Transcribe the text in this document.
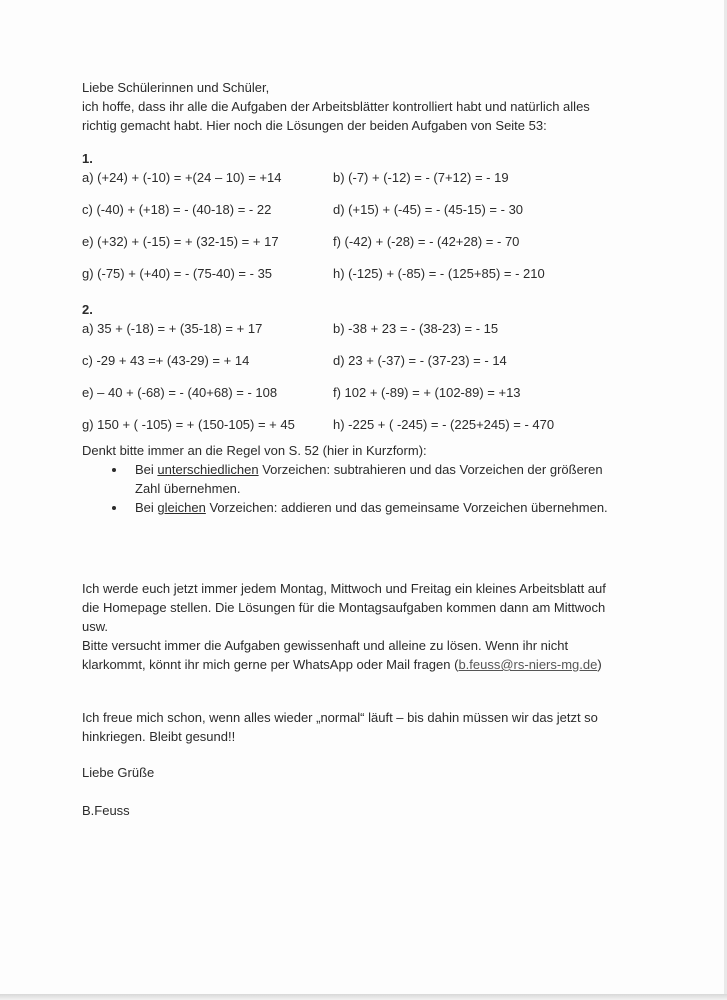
Liebe Schülerinnen und Schüler,

ich hoffe, dass ihr alle die Aufgaben der Arbeitsblätter kontrolliert habt und natürlich alles

richtig gemacht habt. Hier noch die Lösungen der beiden Aufgaben von Seite 53:

1.
a) (+24) + (-10) = +(24 – 10) = +14	b) (-7) + (-12) = - (7+12) = - 19
c) (-40) + (+18) = - (40-18) = - 22	d) (+15) + (-45) = - (45-15) = - 30
e) (+32) + (-15) = + (32-15) = + 17	f) (-42) + (-28) = - (42+28) = - 70
g) (-75) + (+40) = - (75-40) = - 35	h) (-125) + (-85) = - (125+85) = - 210
2.
a) 35 + (-18) = + (35-18) = + 17	b) -38 + 23 = - (38-23) = - 15
c) -29 + 43 =+ (43-29) = + 14	d) 23 + (-37) = - (37-23) = - 14
e) – 40 + (-68) = - (40+68) = - 108	f) 102 + (-89) = + (102-89) = +13
g) 150 + ( -105) = + (150-105) = + 45	h) -225 + ( -245) = - (225+245) = - 470
Denkt bitte immer an die Regel von S. 52 (hier in Kurzform):
• Bei unterschiedlichen Vorzeichen: subtrahieren und das Vorzeichen der größeren
Zahl übernehmen.
• Bei gleichen Vorzeichen: addieren und das gemeinsame Vorzeichen übernehmen.

Ich werde euch jetzt immer jedem Montag, Mittwoch und Freitag ein kleines Arbeitsblatt auf

die Homepage stellen. Die Lösungen für die Montagsaufgaben kommen dann am Mittwoch

usw.

Bitte versucht immer die Aufgaben gewissenhaft und alleine zu lösen. Wenn ihr nicht

klarkommt, könnt ihr mich gerne per WhatsApp oder Mail fragen (b.feuss@rs-niers-mg.de)

Ich freue mich schon, wenn alles wieder „normal“ läuft – bis dahin müssen wir das jetzt so

hinkriegen. Bleibt gesund!!

Liebe Grüße
B.Feuss
